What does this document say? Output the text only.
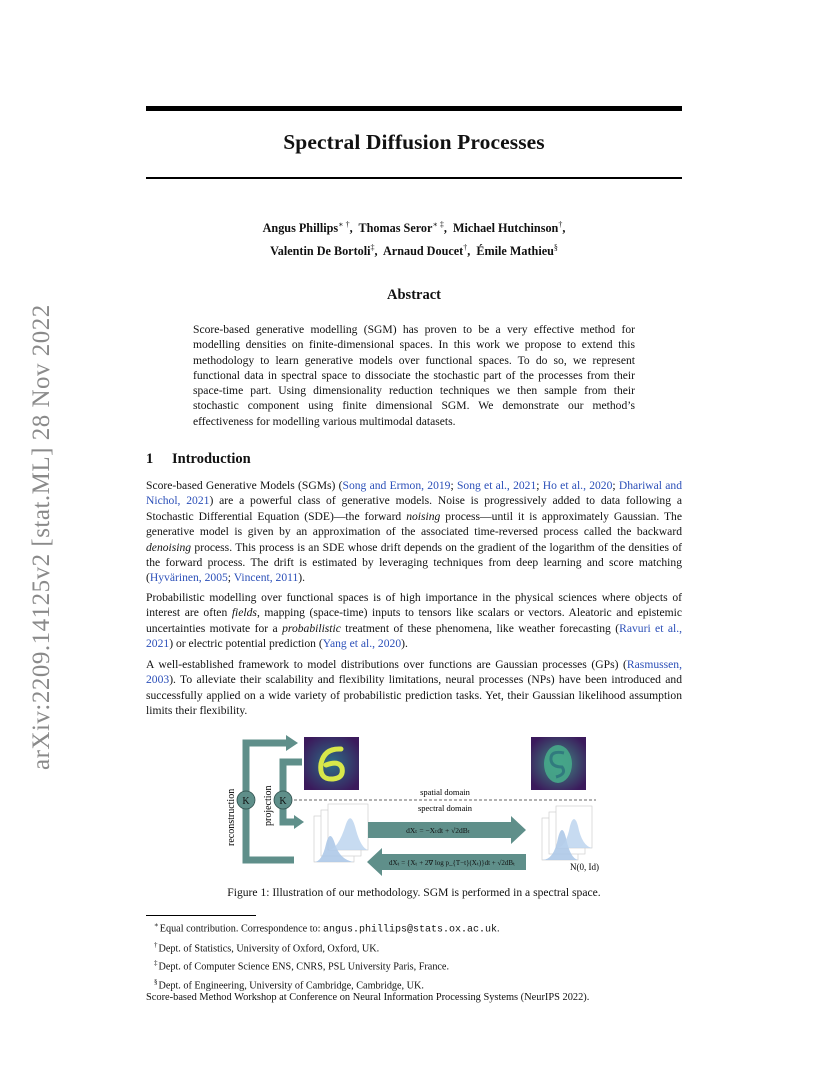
arXiv:2209.14125v2 [stat.ML] 28 Nov 2022
Spectral Diffusion Processes
Angus Phillips∗ †,  Thomas Seror∗ ‡,  Michael Hutchinson†,
Valentin De Bortoli‡,  Arnaud Doucet†,  Émile Mathieu§
Abstract
Score-based generative modelling (SGM) has proven to be a very effective method for modelling densities on finite-dimensional spaces. In this work we propose to extend this methodology to learn generative models over functional spaces. To do so, we represent functional data in spectral space to dissociate the stochastic part of the processes from their space-time part. Using dimensionality reduction techniques we then sample from their stochastic component using finite dimensional SGM. We demonstrate our method’s effectiveness for modelling various multimodal datasets.
1 Introduction

Score-based Generative Models (SGMs) (Song and Ermon, 2019; Song et al., 2021; Ho et al., 2020; Dhariwal and Nichol, 2021) are a powerful class of generative models. Noise is progressively added to data following a Stochastic Differential Equation (SDE)—the forward noising process—until it is approximately Gaussian. The generative model is given by an approximation of the associated time-reversed process called the backward denoising process. This process is an SDE whose drift depends on the gradient of the logarithm of the densities of the forward process. The drift is estimated by leveraging techniques from deep learning and score matching (Hyvärinen, 2005; Vincent, 2011).

Probabilistic modelling over functional spaces is of high importance in the physical sciences where objects of interest are often fields, mapping (space-time) inputs to tensors like scalars or vectors. Aleatoric and epistemic uncertainties motivate for a probabilistic treatment of these phenomena, like weather forecasting (Ravuri et al., 2021) or electric potential prediction (Yang et al., 2020).

A well-established framework to model distributions over functions are Gaussian processes (GPs) (Rasmussen, 2003). To alleviate their scalability and flexibility limitations, neural processes (NPs) have been introduced and successfully applied on a wide variety of probabilistic prediction tasks. Yet, their Gaussian likelihood assumption limits their flexibility.

reconstruction	projection
K	K
spatial domain
spectral domain
dXₜ = −Xₜdt + √2dBₜ
dXₜ = {Xₜ + 2∇ log p_{T−t}(Xₜ)}dt + √2dBₜ	N(0, Id)
Figure 1: Illustration of our methodology. SGM is performed in a spectral space.
∗Equal contribution. Correspondence to: angus.phillips@stats.ox.ac.uk.
†Dept. of Statistics, University of Oxford, Oxford, UK.
‡Dept. of Computer Science ENS, CNRS, PSL University Paris, France.
§Dept. of Engineering, University of Cambridge, Cambridge, UK.
Score-based Method Workshop at Conference on Neural Information Processing Systems (NeurIPS 2022).
